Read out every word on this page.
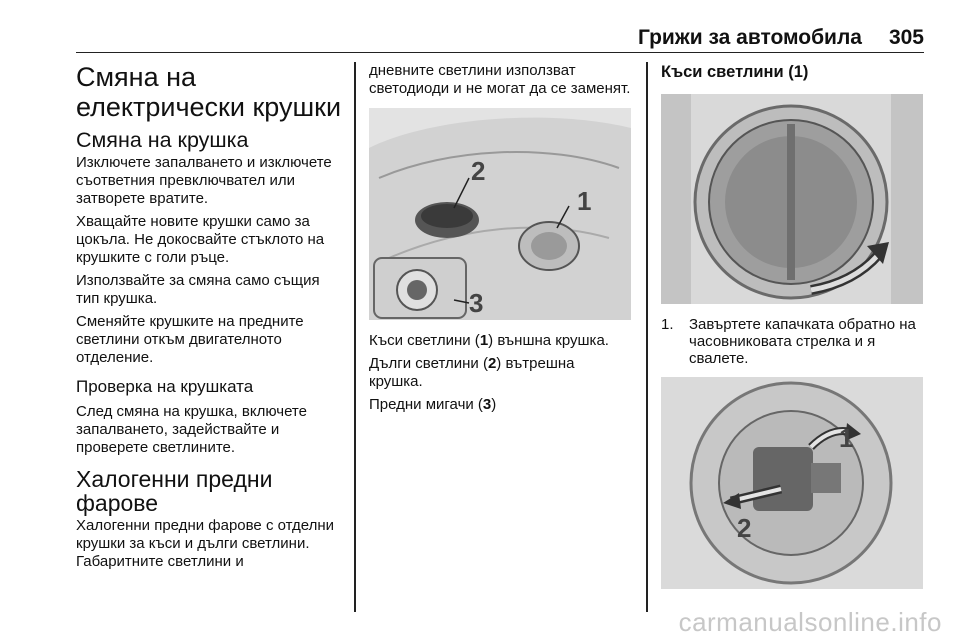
Грижи за автомобила 305
Смяна на електрически крушки
Смяна на крушка

Изключете запалването и изключете съответния превключвател или затворете вратите.

Хващайте новите крушки само за цокъла. Не докосвайте стъклото на крушките с голи ръце.

Използвайте за смяна само същия тип крушка.

Сменяйте крушките на предните светлини откъм двигателното отделение.

Проверка на крушката

След смяна на крушка, включете запалването, задействайте и проверете светлините.

Халогенни предни фарове

Халогенни предни фарове с отделни крушки за къси и дълги светлини. Габаритните светлини и

дневните светлини използват светодиоди и не могат да се заменят.

1
2
3

Къси светлини (1) външна крушка.

Дълги светлини (2) вътрешна крушка.

Предни мигачи (3)

Къси светлини (1)
1.	Завъртете капачката обратно на часовниковата стрелка и я свалете.
1
2
carmanualsonline.info
